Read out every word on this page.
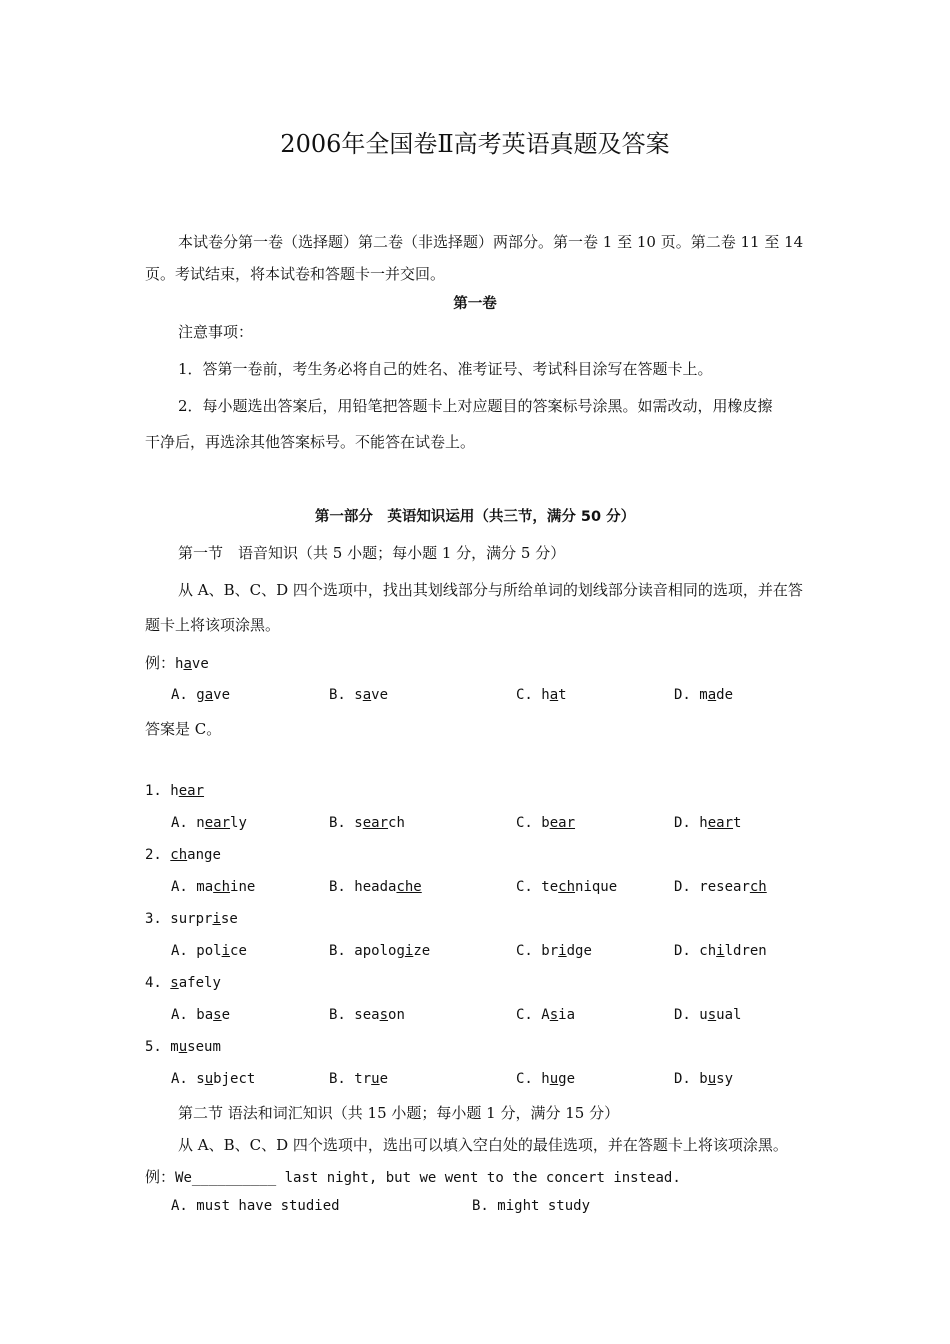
2006年全国卷Ⅱ高考英语真题及答案
本试卷分第一卷（选择题）第二卷（非选择题）两部分。第一卷 1 至 10 页。第二卷 11 至 14
页。考试结束，将本试卷和答题卡一并交回。
第一卷
注意事项：
1．答第一卷前，考生务必将自己的姓名、准考证号、考试科目涂写在答题卡上。
2．每小题选出答案后，用铅笔把答题卡上对应题目的答案标号涂黑。如需改动，用橡皮擦
干净后，再选涂其他答案标号。不能答在试卷上。
第一部分　英语知识运用（共三节，满分 50 分）
第一节　语音知识（共 5 小题；每小题 1 分，满分 5 分）
从 A、B、C、D 四个选项中，找出其划线部分与所给单词的划线部分读音相同的选项，并在答
题卡上将该项涂黑。
例：have
A. gave	B. save	C. hat	D. made
答案是 C。
1. hear
A. nearly	B. search	C. bear	D. heart
2. change
A. machine	B. headache	C. technique	D. research
3. surprise
A. police	B. apologize	C. bridge	D. children
4. safely
A. base	B. season	C. Asia	D. usual
5. museum
A. subject	B. true	C. huge	D. busy
第二节 语法和词汇知识（共 15 小题；每小题 1 分，满分 15 分）
从 A、B、C、D 四个选项中，选出可以填入空白处的最佳选项，并在答题卡上将该项涂黑。
例：We__________ last night, but we went to the concert instead.
A. must have studied	B. might study
